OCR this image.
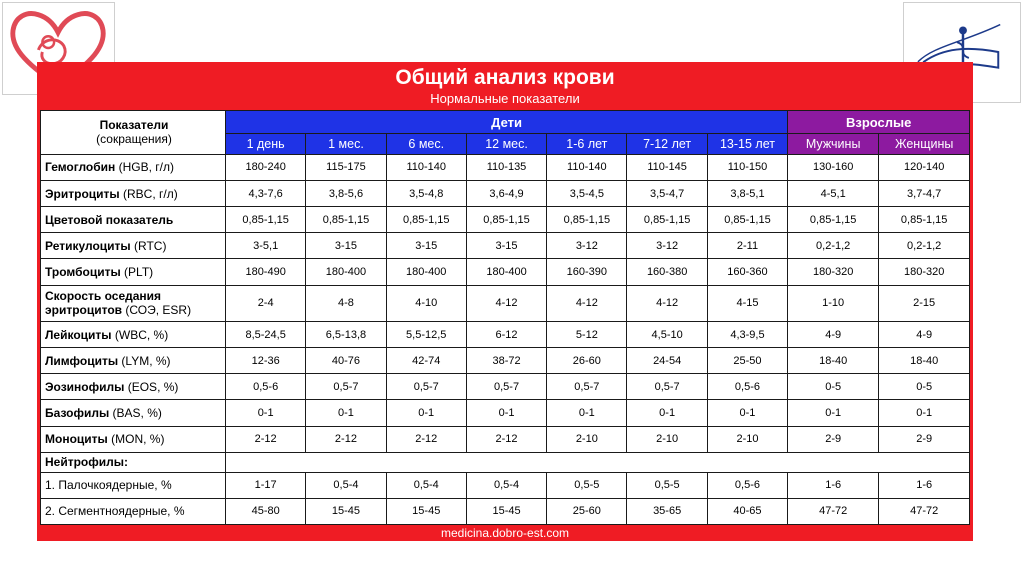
Общий анализ крови
Нормальные показатели
Показатели
(сокращения)	Дети							Взрослые	
	1 день	1 мес.	6 мес.	12 мес.	1-6 лет	7-12 лет	13-15 лет	Мужчины	Женщины
Гемоглобин (HGB, г/л)	180-240	115-175	110-140	110-135	110-140	110-145	110-150	130-160	120-140
Эритроциты (RBC, г/л)	4,3-7,6	3,8-5,6	3,5-4,8	3,6-4,9	3,5-4,5	3,5-4,7	3,8-5,1	4-5,1	3,7-4,7
Цветовой показатель	0,85-1,15	0,85-1,15	0,85-1,15	0,85-1,15	0,85-1,15	0,85-1,15	0,85-1,15	0,85-1,15	0,85-1,15
Ретикулоциты (RTC)	3-5,1	3-15	3-15	3-15	3-12	3-12	2-11	0,2-1,2	0,2-1,2
Тромбоциты (PLT)	180-490	180-400	180-400	180-400	160-390	160-380	160-360	180-320	180-320
Скорость оседания эритроцитов (СОЭ, ESR)	2-4	4-8	4-10	4-12	4-12	4-12	4-15	1-10	2-15
Лейкоциты (WBC, %)	8,5-24,5	6,5-13,8	5,5-12,5	6-12	5-12	4,5-10	4,3-9,5	4-9	4-9
Лимфоциты (LYM, %)	12-36	40-76	42-74	38-72	26-60	24-54	25-50	18-40	18-40
Эозинофилы (EOS, %)	0,5-6	0,5-7	0,5-7	0,5-7	0,5-7	0,5-7	0,5-6	0-5	0-5
Базофилы (BAS, %)	0-1	0-1	0-1	0-1	0-1	0-1	0-1	0-1	0-1
Моноциты (MON, %)	2-12	2-12	2-12	2-12	2-10	2-10	2-10	2-9	2-9
Нейтрофилы:									
1. Палочкоядерные, %	1-17	0,5-4	0,5-4	0,5-4	0,5-5	0,5-5	0,5-6	1-6	1-6
2. Сегментноядерные, %	45-80	15-45	15-45	15-45	25-60	35-65	40-65	47-72	47-72
medicina.dobro-est.com
